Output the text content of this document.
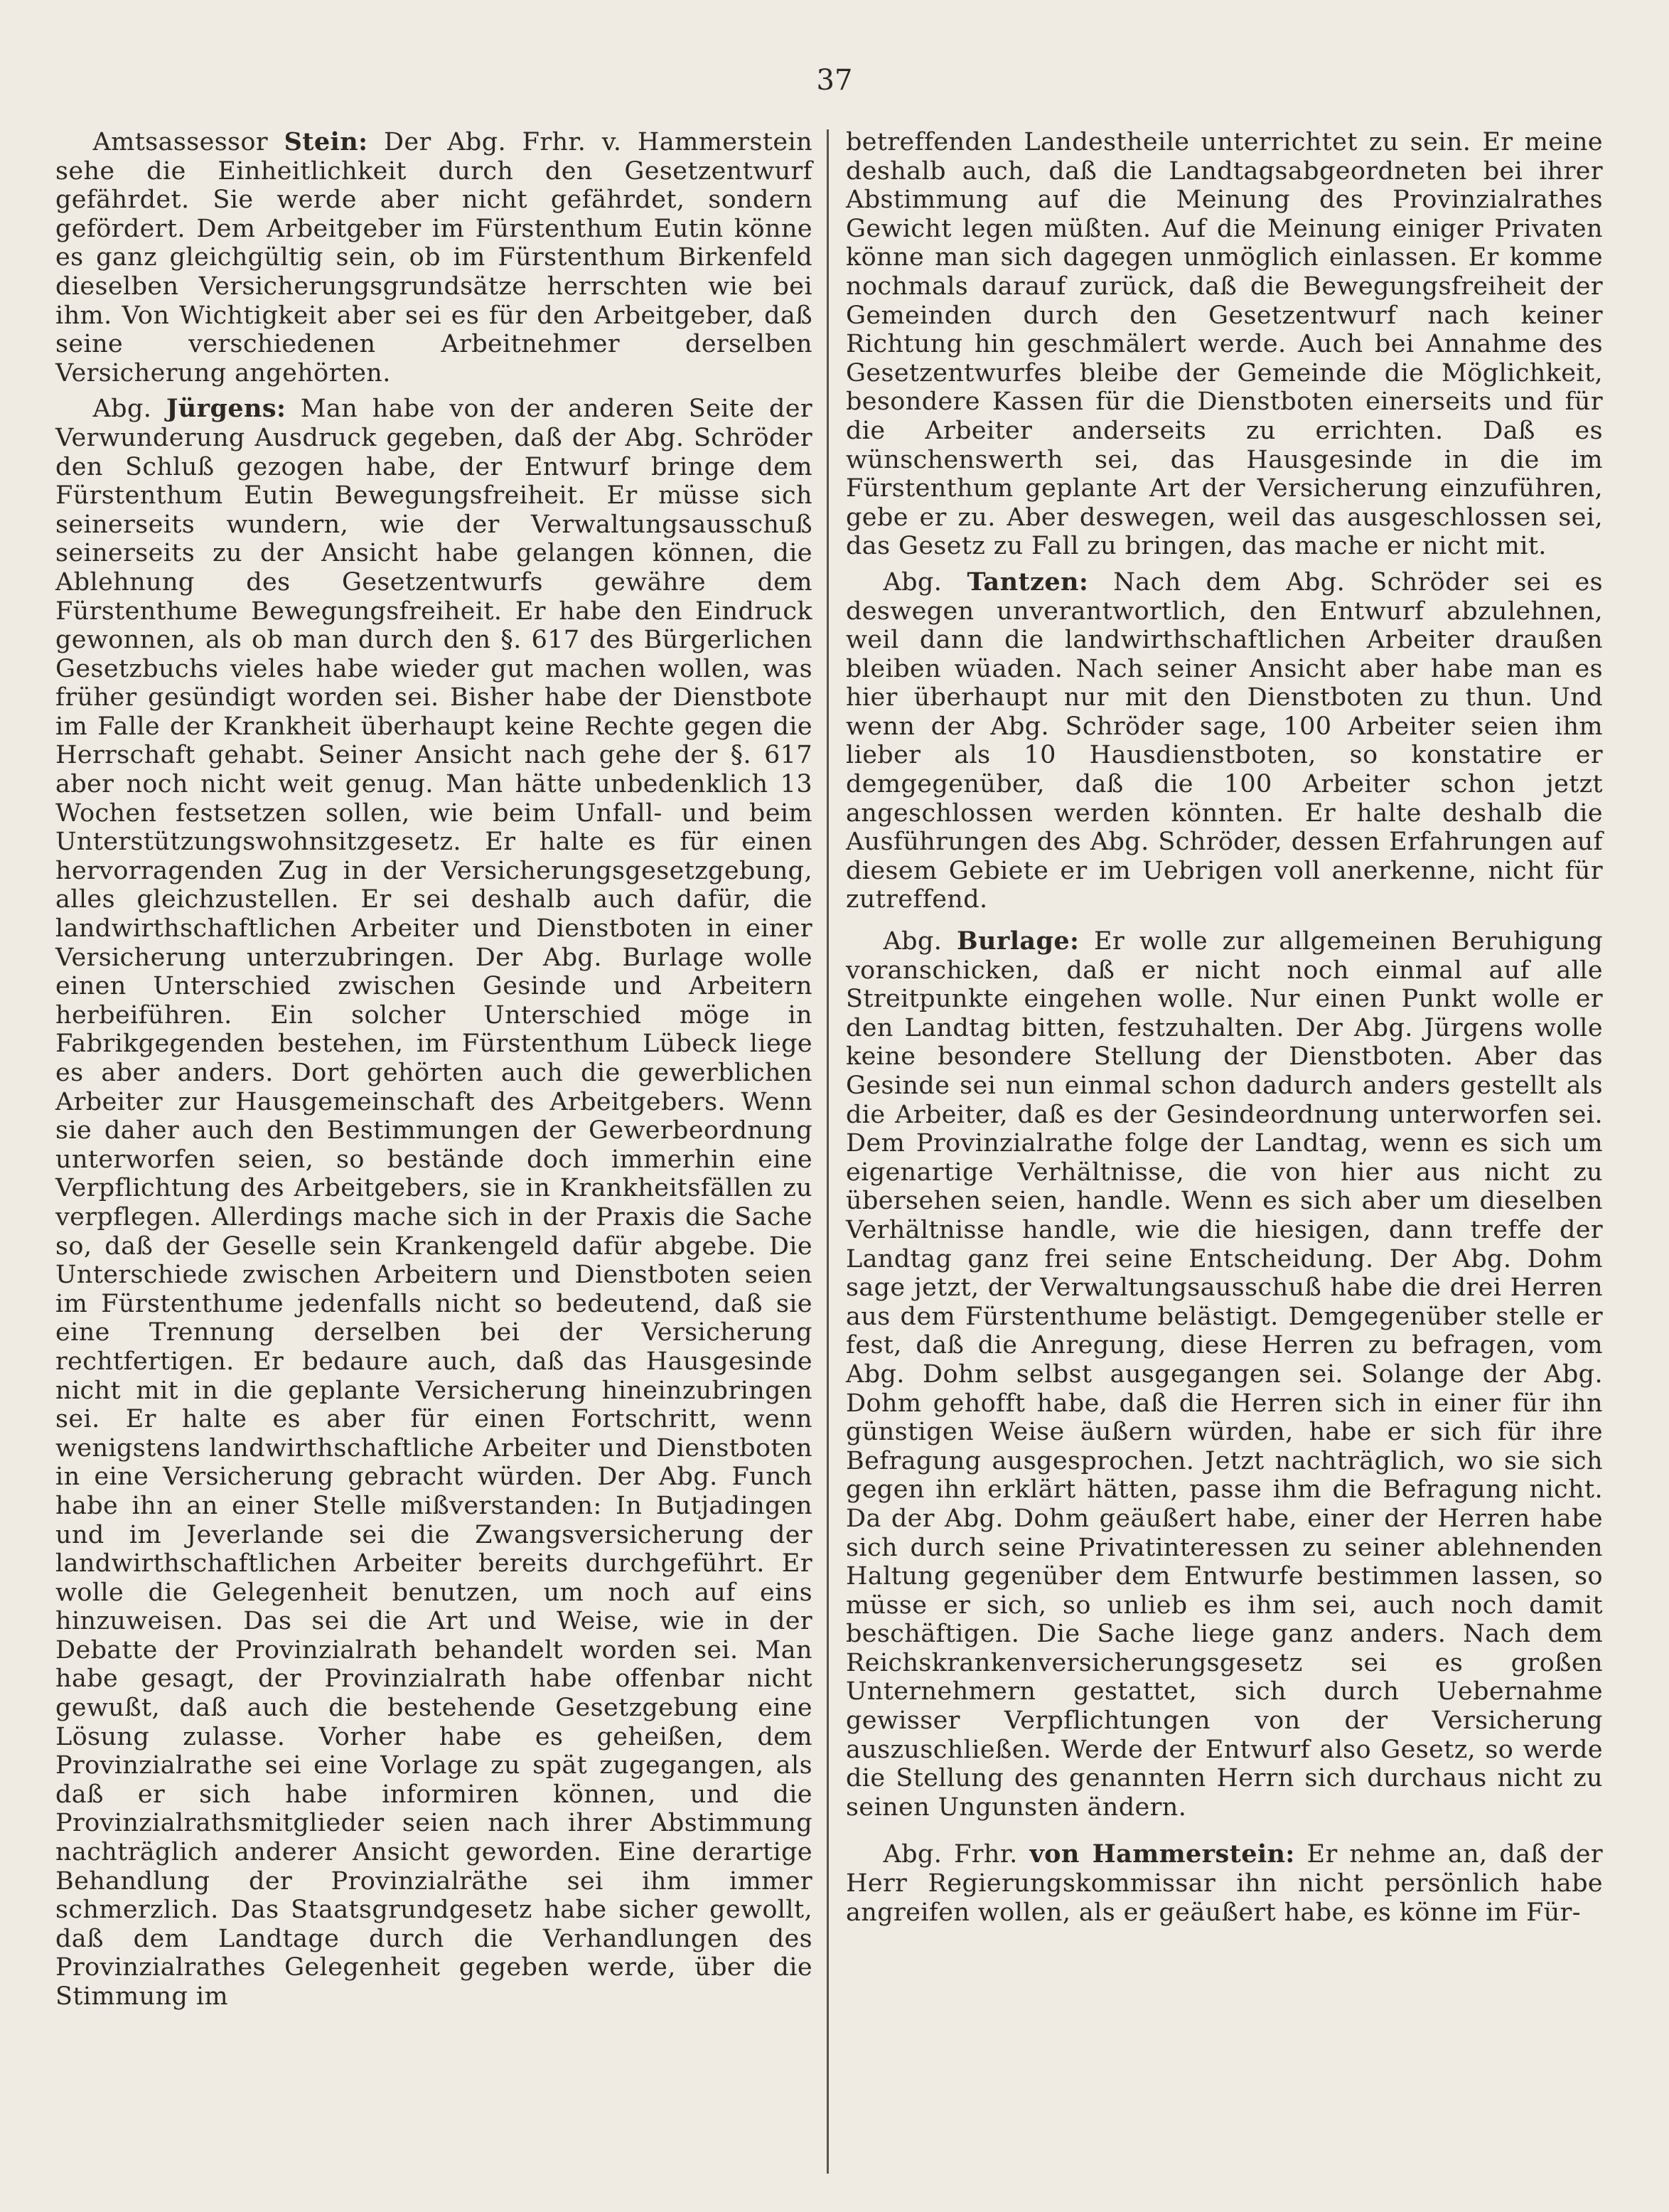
37

Amtsassessor Stein: Der Abg. Frhr. v. Hammerstein sehe die Einheitlichkeit durch den Gesetzentwurf gefährdet. Sie werde aber nicht gefährdet, sondern gefördert. Dem Arbeitgeber im Fürstenthum Eutin könne es ganz gleichgültig sein, ob im Fürstenthum Birkenfeld dieselben Versicherungsgrundsätze herrschten wie bei ihm. Von Wichtigkeit aber sei es für den Arbeitgeber, daß seine verschiedenen Arbeitnehmer derselben Versicherung angehörten.

Abg. Jürgens: Man habe von der anderen Seite der Verwunderung Ausdruck gegeben, daß der Abg. Schröder den Schluß gezogen habe, der Entwurf bringe dem Fürstenthum Eutin Bewegungsfreiheit. Er müsse sich seinerseits wundern, wie der Verwaltungsausschuß seinerseits zu der Ansicht habe gelangen können, die Ablehnung des Gesetzentwurfs gewähre dem Fürstenthume Bewegungsfreiheit. Er habe den Eindruck gewonnen, als ob man durch den §. 617 des Bürgerlichen Gesetzbuchs vieles habe wieder gut machen wollen, was früher gesündigt worden sei. Bisher habe der Dienstbote im Falle der Krankheit überhaupt keine Rechte gegen die Herrschaft gehabt. Seiner Ansicht nach gehe der §. 617 aber noch nicht weit genug. Man hätte unbedenklich 13 Wochen festsetzen sollen, wie beim Unfall- und beim Unterstützungswohnsitzgesetz. Er halte es für einen hervorragenden Zug in der Versicherungsgesetzgebung, alles gleichzustellen. Er sei deshalb auch dafür, die landwirthschaftlichen Arbeiter und Dienstboten in einer Versicherung unterzubringen. Der Abg. Burlage wolle einen Unterschied zwischen Gesinde und Arbeitern herbeiführen. Ein solcher Unterschied möge in Fabrikgegenden bestehen, im Fürstenthum Lübeck liege es aber anders. Dort gehörten auch die gewerblichen Arbeiter zur Hausgemeinschaft des Arbeitgebers. Wenn sie daher auch den Bestimmungen der Gewerbeordnung unterworfen seien, so bestände doch immerhin eine Verpflichtung des Arbeitgebers, sie in Krankheitsfällen zu verpflegen. Allerdings mache sich in der Praxis die Sache so, daß der Geselle sein Krankengeld dafür abgebe. Die Unterschiede zwischen Arbeitern und Dienstboten seien im Fürstenthume jedenfalls nicht so bedeutend, daß sie eine Trennung derselben bei der Versicherung rechtfertigen. Er bedaure auch, daß das Hausgesinde nicht mit in die geplante Versicherung hineinzubringen sei. Er halte es aber für einen Fortschritt, wenn wenigstens landwirthschaftliche Arbeiter und Dienstboten in eine Versicherung gebracht würden. Der Abg. Funch habe ihn an einer Stelle mißverstanden: In Butjadingen und im Jeverlande sei die Zwangsversicherung der landwirthschaftlichen Arbeiter bereits durchgeführt. Er wolle die Gelegenheit benutzen, um noch auf eins hinzuweisen. Das sei die Art und Weise, wie in der Debatte der Provinzialrath behandelt worden sei. Man habe gesagt, der Provinzialrath habe offenbar nicht gewußt, daß auch die bestehende Gesetzgebung eine Lösung zulasse. Vorher habe es geheißen, dem Provinzialrathe sei eine Vorlage zu spät zugegangen, als daß er sich habe informiren können, und die Provinzialrathsmitglieder seien nach ihrer Abstimmung nachträglich anderer Ansicht geworden. Eine derartige Behandlung der Provinzialräthe sei ihm immer schmerzlich. Das Staatsgrundgesetz habe sicher gewollt, daß dem Landtage durch die Verhandlungen des Provinzialrathes Gelegenheit gegeben werde, über die Stimmung im

betreffenden Landestheile unterrichtet zu sein. Er meine deshalb auch, daß die Landtagsabgeordneten bei ihrer Abstimmung auf die Meinung des Provinzialrathes Gewicht legen müßten. Auf die Meinung einiger Privaten könne man sich dagegen unmöglich einlassen. Er komme nochmals darauf zurück, daß die Bewegungsfreiheit der Gemeinden durch den Gesetzentwurf nach keiner Richtung hin geschmälert werde. Auch bei Annahme des Gesetzentwurfes bleibe der Gemeinde die Möglichkeit, besondere Kassen für die Dienstboten einerseits und für die Arbeiter anderseits zu errichten. Daß es wünschenswerth sei, das Hausgesinde in die im Fürstenthum geplante Art der Versicherung einzuführen, gebe er zu. Aber deswegen, weil das ausgeschlossen sei, das Gesetz zu Fall zu bringen, das mache er nicht mit.

Abg. Tantzen: Nach dem Abg. Schröder sei es deswegen unverantwortlich, den Entwurf abzulehnen, weil dann die landwirthschaftlichen Arbeiter draußen bleiben wüaden. Nach seiner Ansicht aber habe man es hier überhaupt nur mit den Dienstboten zu thun. Und wenn der Abg. Schröder sage, 100 Arbeiter seien ihm lieber als 10 Hausdienstboten, so konstatire er demgegenüber, daß die 100 Arbeiter schon jetzt angeschlossen werden könnten. Er halte deshalb die Ausführungen des Abg. Schröder, dessen Erfahrungen auf diesem Gebiete er im Uebrigen voll anerkenne, nicht für zutreffend.

Abg. Burlage: Er wolle zur allgemeinen Beruhigung voranschicken, daß er nicht noch einmal auf alle Streitpunkte eingehen wolle. Nur einen Punkt wolle er den Landtag bitten, festzuhalten. Der Abg. Jürgens wolle keine besondere Stellung der Dienstboten. Aber das Gesinde sei nun einmal schon dadurch anders gestellt als die Arbeiter, daß es der Gesindeordnung unterworfen sei. Dem Provinzialrathe folge der Landtag, wenn es sich um eigenartige Verhältnisse, die von hier aus nicht zu übersehen seien, handle. Wenn es sich aber um dieselben Verhältnisse handle, wie die hiesigen, dann treffe der Landtag ganz frei seine Entscheidung. Der Abg. Dohm sage jetzt, der Verwaltungsausschuß habe die drei Herren aus dem Fürstenthume belästigt. Demgegenüber stelle er fest, daß die Anregung, diese Herren zu befragen, vom Abg. Dohm selbst ausgegangen sei. Solange der Abg. Dohm gehofft habe, daß die Herren sich in einer für ihn günstigen Weise äußern würden, habe er sich für ihre Befragung ausgesprochen. Jetzt nachträglich, wo sie sich gegen ihn erklärt hätten, passe ihm die Befragung nicht. Da der Abg. Dohm geäußert habe, einer der Herren habe sich durch seine Privatinteressen zu seiner ablehnenden Haltung gegenüber dem Entwurfe bestimmen lassen, so müsse er sich, so unlieb es ihm sei, auch noch damit beschäftigen. Die Sache liege ganz anders. Nach dem Reichskrankenversicherungsgesetz sei es großen Unternehmern gestattet, sich durch Uebernahme gewisser Verpflichtungen von der Versicherung auszuschließen. Werde der Entwurf also Gesetz, so werde die Stellung des genannten Herrn sich durchaus nicht zu seinen Ungunsten ändern.

Abg. Frhr. von Hammerstein: Er nehme an, daß der Herr Regierungskommissar ihn nicht persönlich habe angreifen wollen, als er geäußert habe, es könne im Für-
